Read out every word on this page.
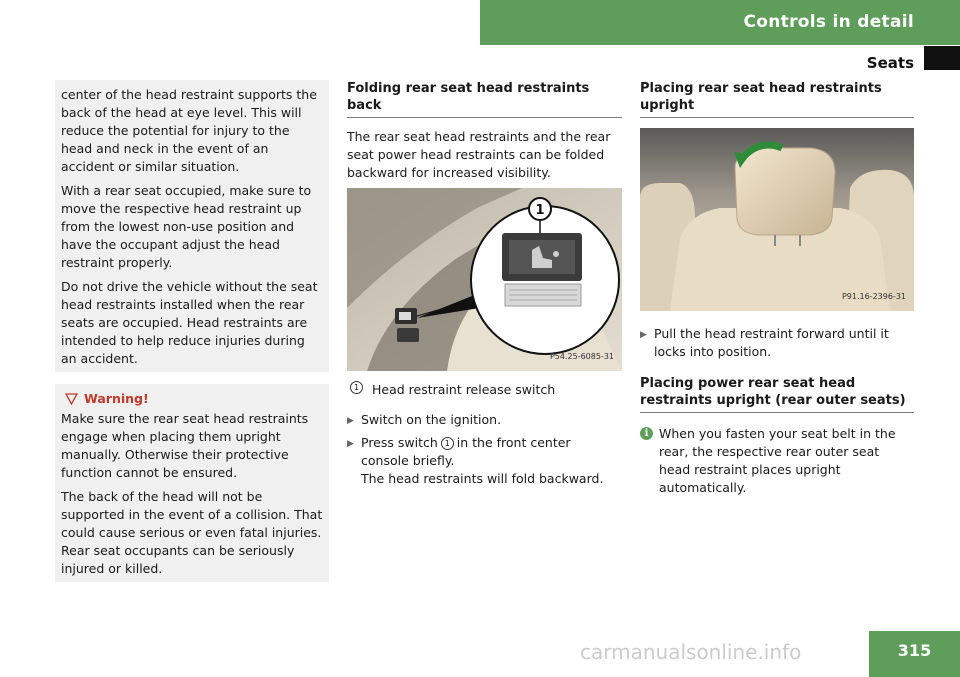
Controls in detail
Seats

center of the head restraint supports the back of the head at eye level. This will reduce the potential for injury to the head and neck in the event of an accident or similar situation.

With a rear seat occupied, make sure to move the respective head restraint up from the lowest non-use position and have the occupant adjust the head restraint properly.

Do not drive the vehicle without the seat head restraints installed when the rear seats are occupied. Head restraints are intended to help reduce injuries during an accident.

Warning!

Make sure the rear seat head restraints engage when placing them upright manually. Otherwise their protective function cannot be ensured.

The back of the head will not be supported in the event of a collision. That could cause serious or even fatal injuries. Rear seat occupants can be seriously injured or killed.

Folding rear seat head restraints back

The rear seat head restraints and the rear seat power head restraints can be folded backward for increased visibility.

1
P54.25-6085-31
1	Head restraint release switch
▶ Switch on the ignition.
▶ Press switch 1 in the front center console briefly.
The head restraints will fold backward.
Placing rear seat head restraints upright
P91.16-2396-31
▶ Pull the head restraint forward until it locks into position.
Placing power rear seat head restraints upright (rear outer seats)
i When you fasten your seat belt in the rear, the respective rear outer seat head restraint places upright automatically.
315
carmanualsonline.info
